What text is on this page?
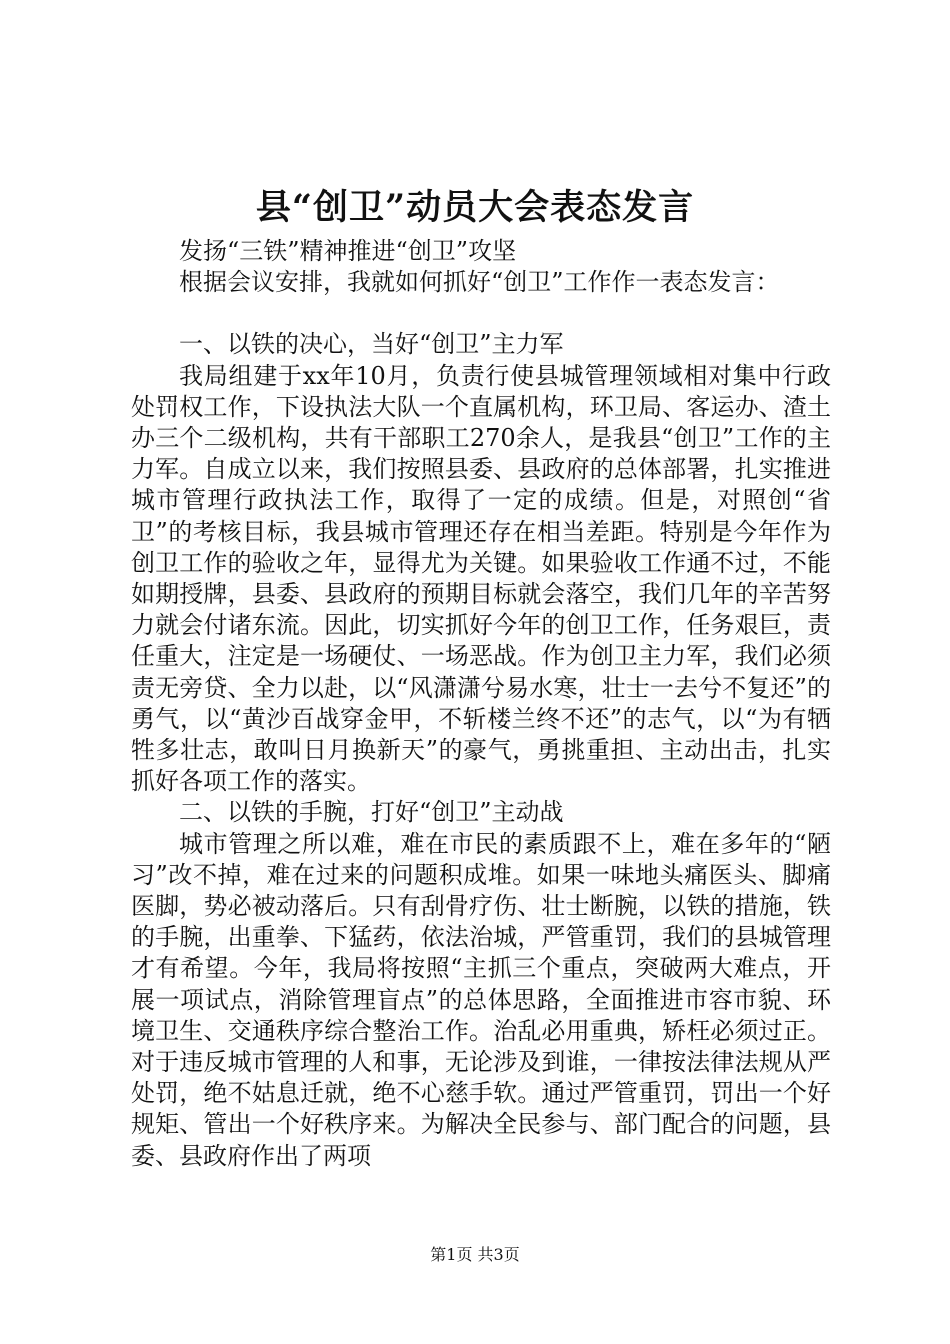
县“创卫”动员大会表态发言

发扬“三铁”精神推进“创卫”攻坚

根据会议安排，我就如何抓好“创卫”工作作一表态发言：

一、以铁的决心，当好“创卫”主力军

我局组建于xx年10月，负责行使县城管理领域相对集中行政处罚权工作，下设执法大队一个直属机构，环卫局、客运办、渣土办三个二级机构，共有干部职工270余人，是我县“创卫”工作的主力军。自成立以来，我们按照县委、县政府的总体部署，扎实推进城市管理行政执法工作，取得了一定的成绩。但是，对照创“省卫”的考核目标，我县城市管理还存在相当差距。特别是今年作为创卫工作的验收之年，显得尤为关键。如果验收工作通不过，不能如期授牌，县委、县政府的预期目标就会落空，我们几年的辛苦努力就会付诸东流。因此，切实抓好今年的创卫工作，任务艰巨，责任重大，注定是一场硬仗、一场恶战。作为创卫主力军，我们必须责无旁贷、全力以赴，以“风潇潇兮易水寒，壮士一去兮不复还”的勇气，以“黄沙百战穿金甲，不斩楼兰终不还”的志气，以“为有牺牲多壮志，敢叫日月换新天”的豪气，勇挑重担、主动出击，扎实抓好各项工作的落实。

二、以铁的手腕，打好“创卫”主动战

城市管理之所以难，难在市民的素质跟不上，难在多年的“陋习”改不掉，难在过来的问题积成堆。如果一味地头痛医头、脚痛医脚，势必被动落后。只有刮骨疗伤、壮士断腕，以铁的措施，铁的手腕，出重拳、下猛药，依法治城，严管重罚，我们的县城管理才有希望。今年，我局将按照“主抓三个重点，突破两大难点，开展一项试点，消除管理盲点”的总体思路，全面推进市容市貌、环境卫生、交通秩序综合整治工作。治乱必用重典，矫枉必须过正。对于违反城市管理的人和事，无论涉及到谁，一律按法律法规从严处罚，绝不姑息迁就，绝不心慈手软。通过严管重罚，罚出一个好规矩、管出一个好秩序来。为解决全民参与、部门配合的问题，县委、县政府作出了两项

第1页 共3页
